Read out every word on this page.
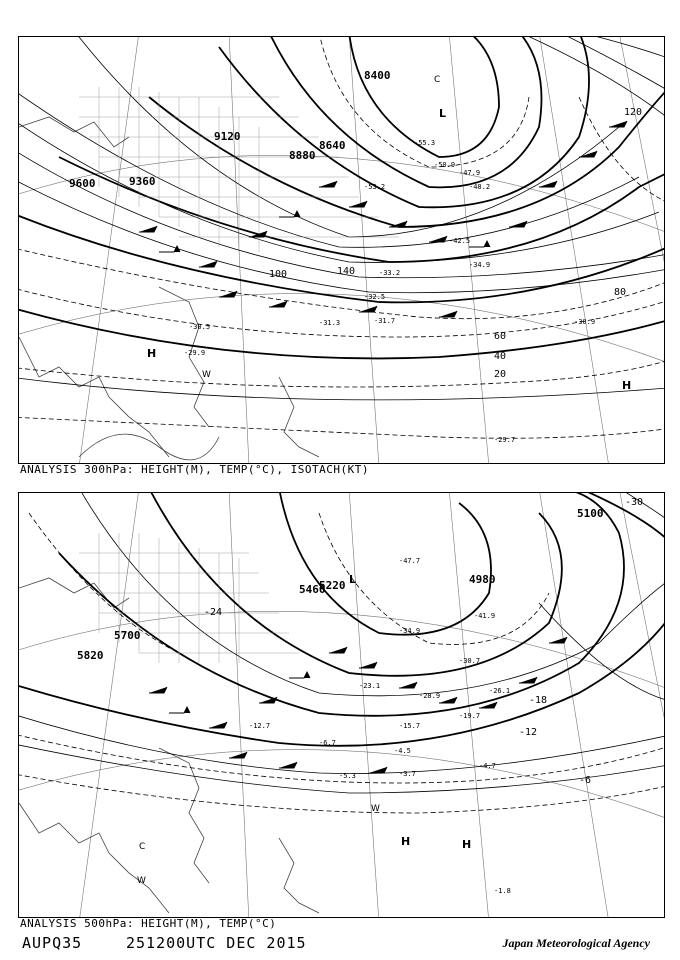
9600	9360
9120
8880
8640
8400
20
40
60
80
100
120
140
-29.7
-29.9
-30.5
-30.9
-31.3	-31.7
-32.5
-33.2
-34.9
-42.5
-47.9
-48.2
-50.9
-53.2
-55.3
H
H
L
C
W
ANALYSIS 300hPa: HEIGHT(M), TEMP(°C), ISOTACH(KT)
5820
5700
5460
5220
5100
4980
-30
-24
-18
-12
-6
-4.5
-5.3
-6.7
-12.7	-15.7
-19.7
-23.1
-26.1
-28.9
-30.7
-34.9
-41.9
-47.7
-1.8
-4.7
-3.7
H	H
L
C
W
W
ANALYSIS 500hPa: HEIGHT(M), TEMP(°C)
AUPQ35	251200UTC DEC 2015	Japan Meteorological Agency
